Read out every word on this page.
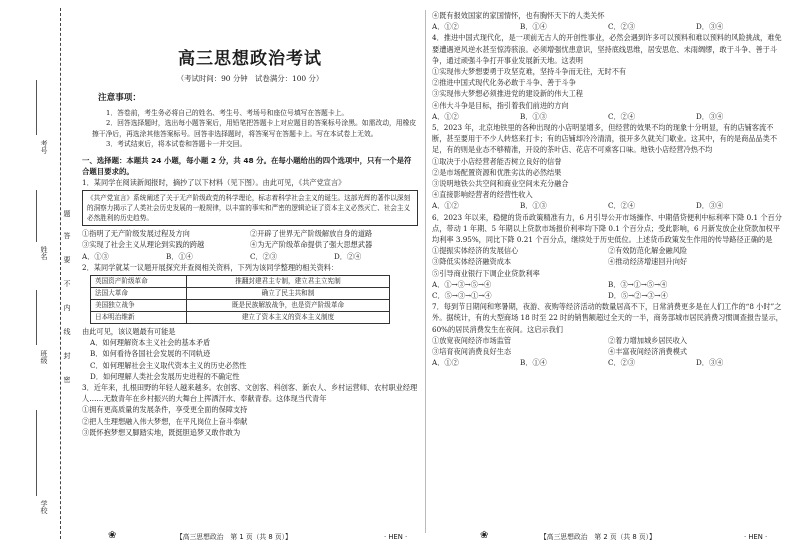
考号
姓名
班级
学校
题
答
要
不
内
线
封
密
高三思想政治考试
（考试时间：90 分钟　试卷满分：100 分）
注意事项：

1．答卷前，考生务必将自己的姓名、考生号、考场号和座位号填写在答题卡上。

2．回答选择题时，选出每小题答案后，用铅笔把答题卡上对应题目的答案标号涂黑。如需改动，用橡皮擦干净后，再选涂其他答案标号。回答非选择题时，将答案写在答题卡上。写在本试卷上无效。

3．考试结束后，将本试卷和答题卡一并交回。

一、选择题：本题共 24 小题，每小题 2 分，共 48 分。在每小题给出的四个选项中，只有一个是符合题目要求的。
1．某同学在阅读新闻报时，摘抄了以下材料（见下图）。由此可见，《共产党宣言》
《共产党宣言》系统阐述了关于无产阶级政党的科学理论，标志着科学社会主义的诞生。这部光辉的著作以深刻的洞察力揭示了人类社会历史发展的一般规律，以丰富的事实和严密的逻辑论证了资本主义必然灭亡、社会主义必然胜利的历史趋势。
①指明了无产阶级发展过程及方向	②开辟了世界无产阶级解放自身的道路
③实现了社会主义从理论到实践的跨越	④为无产阶级革命提供了强大思想武器
A．①③	B．①④	C．②③	D．②④
2．某同学就某一议题开展探究并查阅相关资料，下列为该同学整理的相关资料：
英国资产阶级革命	推翻封建君主专制，建立君主立宪制
法国大革命	确立了民主共和制
美国独立战争	既是民族解放战争，也是资产阶级革命
日本明治维新	建立了资本主义的资本主义制度
由此可见，该议题最有可能是
A．如何理解资本主义社会的基本矛盾
B．如何看待各国社会发展的不同轨迹
C．如何理解社会主义取代资本主义的历史必然性
D．如何理解人类社会发展历史进程的不确定性
3．近年来，扎根田野的年轻人越来越多。农创客、文创客、科创客、新农人、乡村运营师、农村职业经理人……无数青年在乡村振兴的大舞台上挥洒汗水、奉献青春。这体现当代青年
①拥有更高质量的发展条件，享受更全面的保障支持
②把人生理想融入伟大梦想，在平凡岗位上奋斗奉献
③既怀抱梦想又脚踏实地，既挺胆追梦又敢作敢为
④既有报效国家的家国情怀，也有胸怀天下的人类关怀
A．①②	B．①④	C．②③	D．③④
4．推进中国式现代化，是一项前无古人的开创性事业，必然会遇到许多可以预料和难以预料的风险挑战，难免要遭遇逆风逆水甚至惊涛骇浪。必须增强忧患意识，坚持底线思维，居安思危、未雨绸缪，敢于斗争、善于斗争，通过顽强斗争打开事业发展新天地。这表明
①实现伟大梦想要勇于攻坚克难，坚持斗争而无往，无时不有
②推进中国式现代化务必敢于斗争、善于斗争
③实现伟大梦想必须推进党的建设新的伟大工程
④伟大斗争是目标，指引着我们前进的方向
A．①②	B．①③	C．②④	D．③④
5．2023 年，北京地铁里的各种出现的小店明显增多，但经营的效果不均的现象十分明显，有的店铺客流不断，甚至要用于不少人转悠来打卡；有的店铺却冷冷清清，很开多久就关门歇业。这其中，有的是商品品类不足，有的则是业态不够精准，开设的茶叶店、花店不可乘客口味。地铁小店经营冷热不均
①取决于小店经营者能否树立良好的信誉
②是市场配置资源和优胜劣汰的必然结果
③说明地铁公共空间和商业空间未充分融合
④直接影响经营者的经营性收入
A．①②	B．①③	C．②④	D．③④
6．2023 年以来，稳健的货币政策精准有力，6 月引导公开市场操作、中期借贷便利中标利率下降 0.1 个百分点，带动 1 年期、5 年期以上贷款市场报价利率均下降 0.1 个百分点；受此影响，6 月新发放企业贷款加权平均利率 3.95%，同比下降 0.21 个百分点，继续处于历史低位。上述货币政策发生作用的传导路径正确的是
①提振实体经济的发展信心	②有效防范化解金融风险
③降低实体经济融资成本	④推动经济增速回升向好
⑤引导商业银行下调企业贷款利率
A．①→③→⑤→④	B．③→①→⑤→④
C．⑤→③→①→④	D．⑤→②→③→④
7．每到节日期间和寒暑期，夜游、夜购等经济活动的数量居高不下，日常消费更多是在人们工作的“8 小时”之外。据统计，有的大型商场 18 时至 22 时的销售额超过全天的一半，商务部城市居民消费习惯调查报告显示，60%的居民消费发生在夜间。这启示我们
①放宽夜间经济市场监管	②着力增加城乡居民收入
③培育夜间消费良好生态	④丰富夜间经济消费模式
A．①②	B．①④	C．②③	D．③④
❀	【高三思想政治　第 1 页（共 8 页）】	· HEN ·	❀	【高三思想政治　第 2 页（共 8 页）】	· HEN ·
